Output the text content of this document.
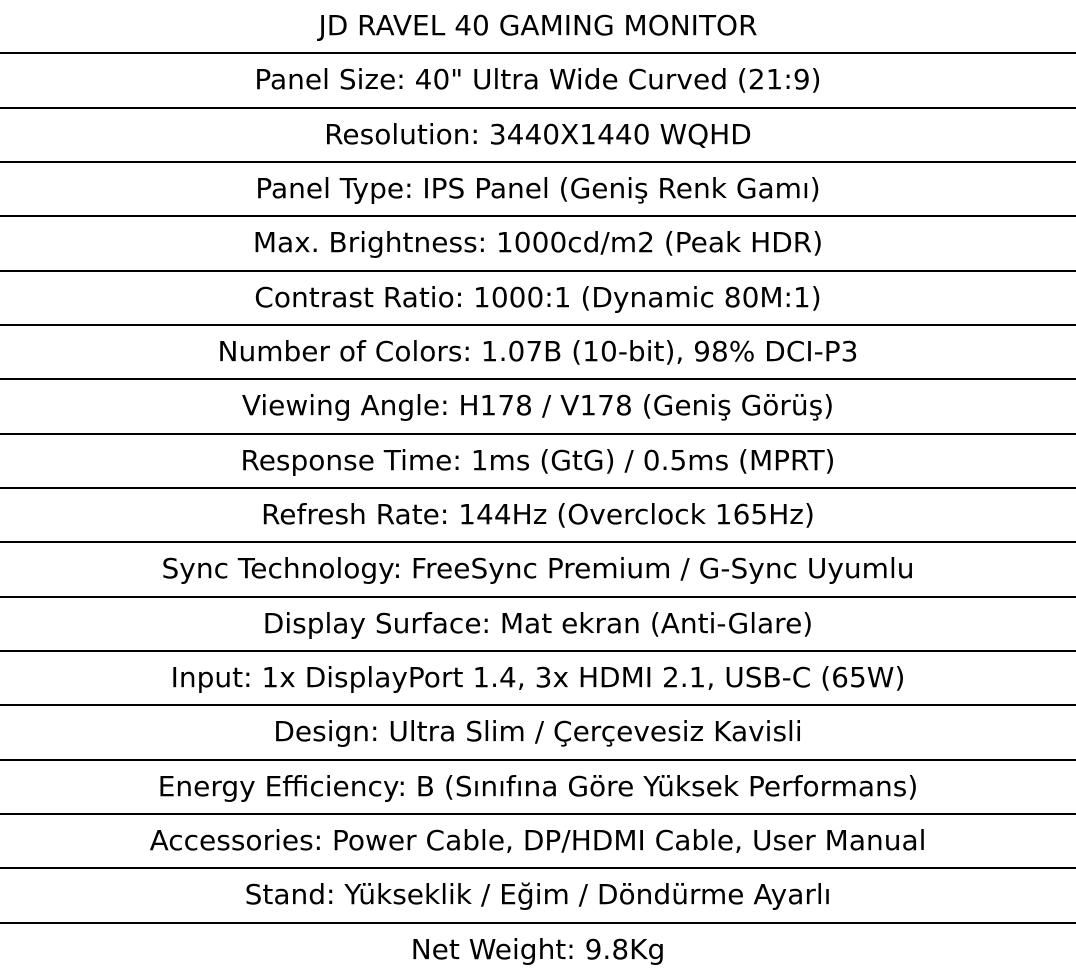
JD RAVEL 40 GAMING MONITOR
Panel Size: 40" Ultra Wide Curved (21:9)
Resolution: 3440X1440 WQHD
Panel Type: IPS Panel (Geniş Renk Gamı)
Max. Brightness: 1000cd/m2 (Peak HDR)
Contrast Ratio: 1000:1 (Dynamic 80M:1)
Number of Colors: 1.07B (10-bit), 98% DCI-P3
Viewing Angle: H178 / V178 (Geniş Görüş)
Response Time: 1ms (GtG) / 0.5ms (MPRT)
Refresh Rate: 144Hz (Overclock 165Hz)
Sync Technology: FreeSync Premium / G-Sync Uyumlu
Display Surface: Mat ekran (Anti-Glare)
Input: 1x DisplayPort 1.4, 3x HDMI 2.1, USB-C (65W)
Design: Ultra Slim / Çerçevesiz Kavisli
Energy Efficiency: B (Sınıfına Göre Yüksek Performans)
Accessories: Power Cable, DP/HDMI Cable, User Manual
Stand: Yükseklik / Eğim / Döndürme Ayarlı
Net Weight: 9.8Kg
